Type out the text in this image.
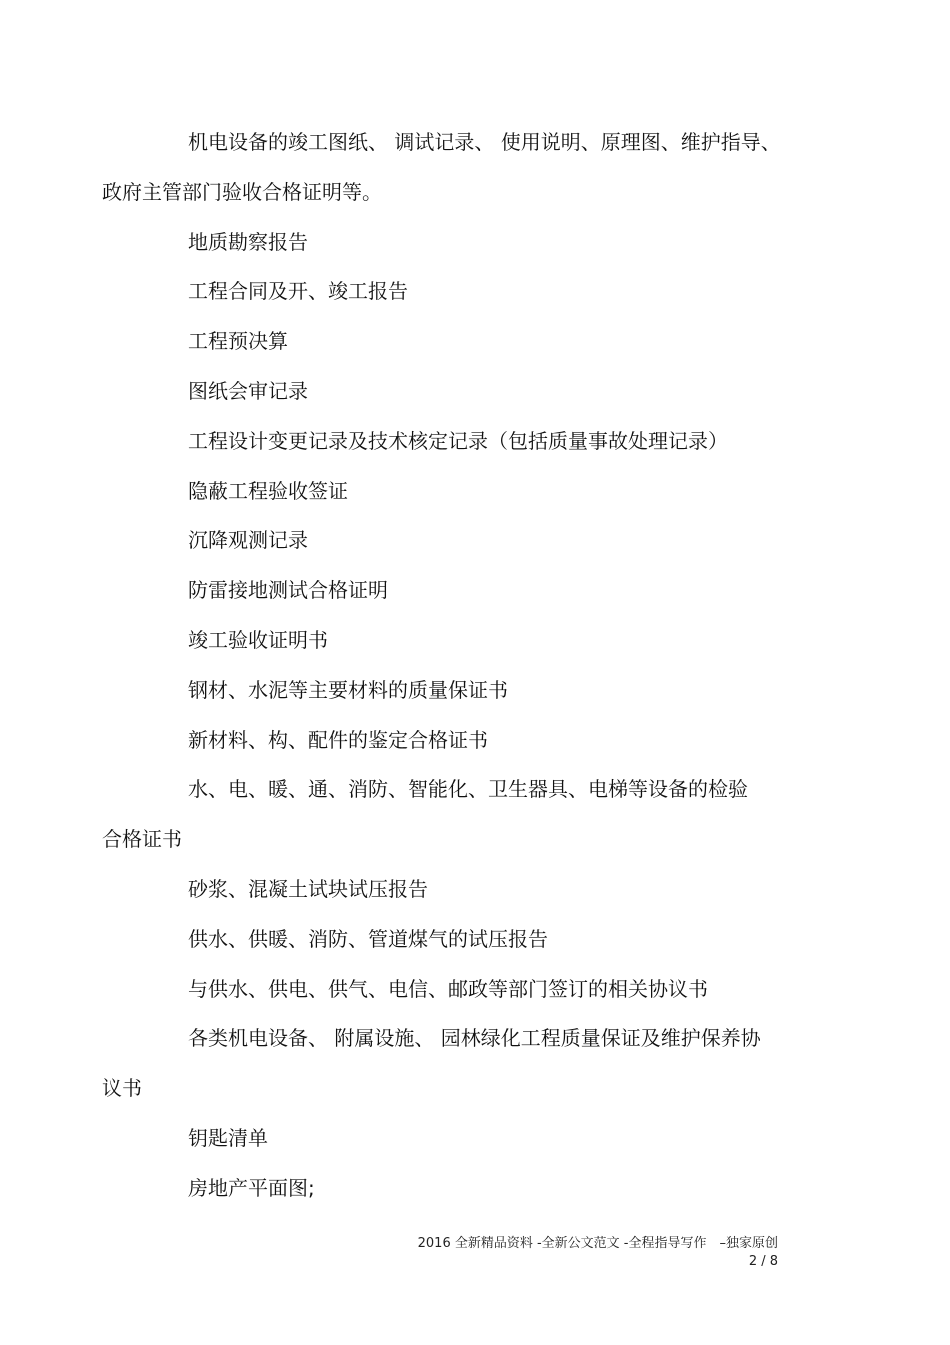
机电设备的竣工图纸、 调试记录、 使用说明、原理图、维护指导、
政府主管部门验收合格证明等。
地质勘察报告
工程合同及开、竣工报告
工程预决算
图纸会审记录
工程设计变更记录及技术核定记录（包括质量事故处理记录）
隐蔽工程验收签证
沉降观测记录
防雷接地测试合格证明
竣工验收证明书
钢材、水泥等主要材料的质量保证书
新材料、构、配件的鉴定合格证书
水、电、暖、通、消防、智能化、卫生器具、电梯等设备的检验
合格证书
砂浆、混凝土试块试压报告
供水、供暖、消防、管道煤气的试压报告
与供水、供电、供气、电信、邮政等部门签订的相关协议书
各类机电设备、 附属设施、 园林绿化工程质量保证及维护保养协
议书
钥匙清单
房地产平面图;
2016 全新精品资料 -全新公文范文 -全程指导写作　–独家原创
2 / 8
